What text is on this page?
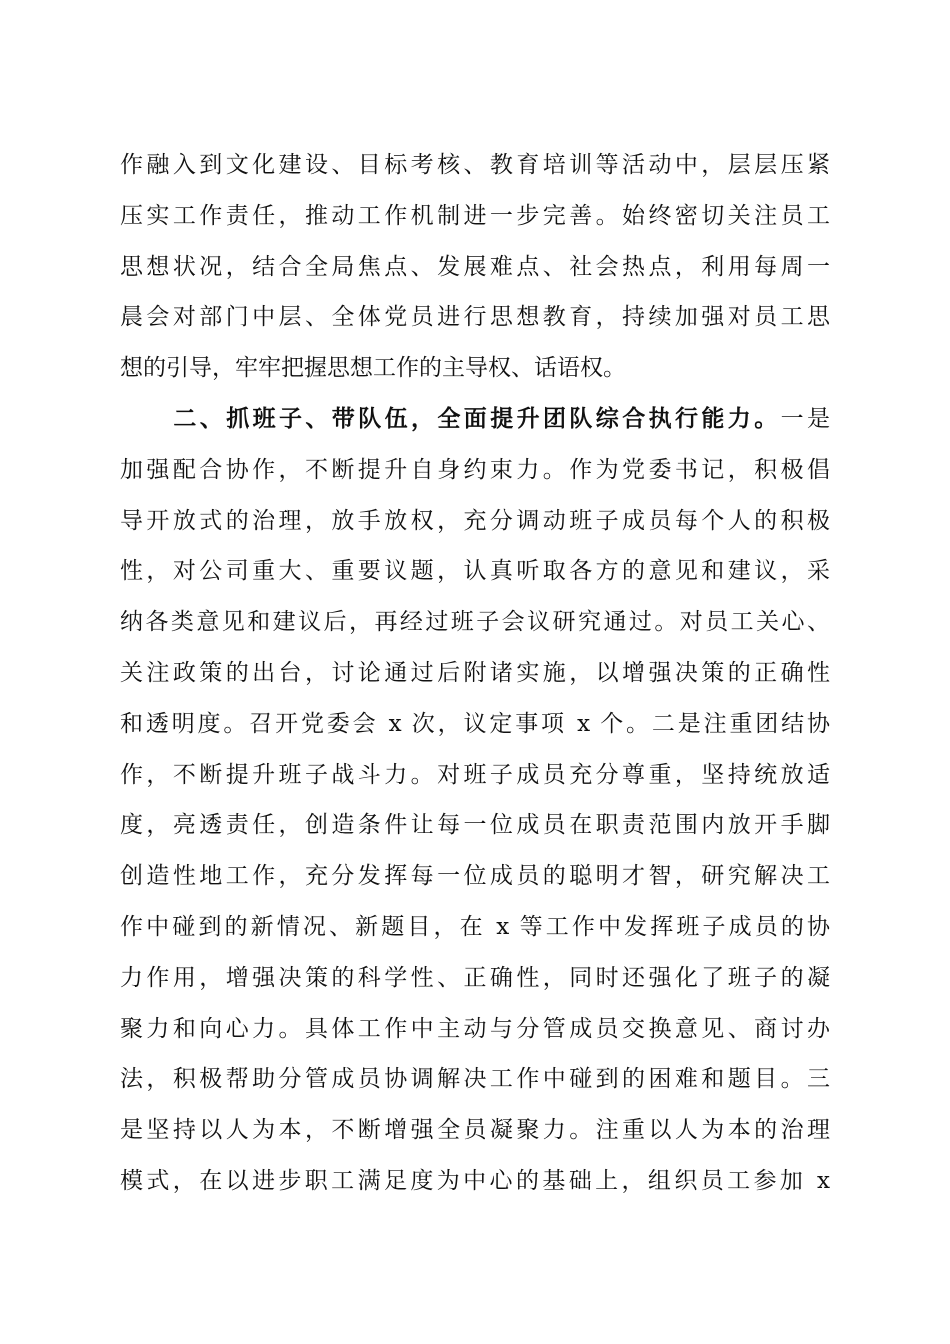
作融入到文化建设、目标考核、教育培训等活动中，层层压紧
压实工作责任，推动工作机制进一步完善。始终密切关注员工
思想状况，结合全局焦点、发展难点、社会热点，利用每周一
晨会对部门中层、全体党员进行思想教育，持续加强对员工思
想的引导，牢牢把握思想工作的主导权、话语权。
二、抓班子、带队伍，全面提升团队综合执行能力。一是
加强配合协作，不断提升自身约束力。作为党委书记，积极倡
导开放式的治理，放手放权，充分调动班子成员每个人的积极
性，对公司重大、重要议题，认真听取各方的意见和建议，采
纳各类意见和建议后，再经过班子会议研究通过。对员工关心、
关注政策的出台，讨论通过后附诸实施，以增强决策的正确性
和透明度。召开党委会 x 次，议定事项 x 个。二是注重团结协
作，不断提升班子战斗力。对班子成员充分尊重，坚持统放适
度，亮透责任，创造条件让每一位成员在职责范围内放开手脚
创造性地工作，充分发挥每一位成员的聪明才智，研究解决工
作中碰到的新情况、新题目，在 x 等工作中发挥班子成员的协
力作用，增强决策的科学性、正确性，同时还强化了班子的凝
聚力和向心力。具体工作中主动与分管成员交换意见、商讨办
法，积极帮助分管成员协调解决工作中碰到的困难和题目。三
是坚持以人为本，不断增强全员凝聚力。注重以人为本的治理
模式，在以进步职工满足度为中心的基础上，组织员工参加 x
